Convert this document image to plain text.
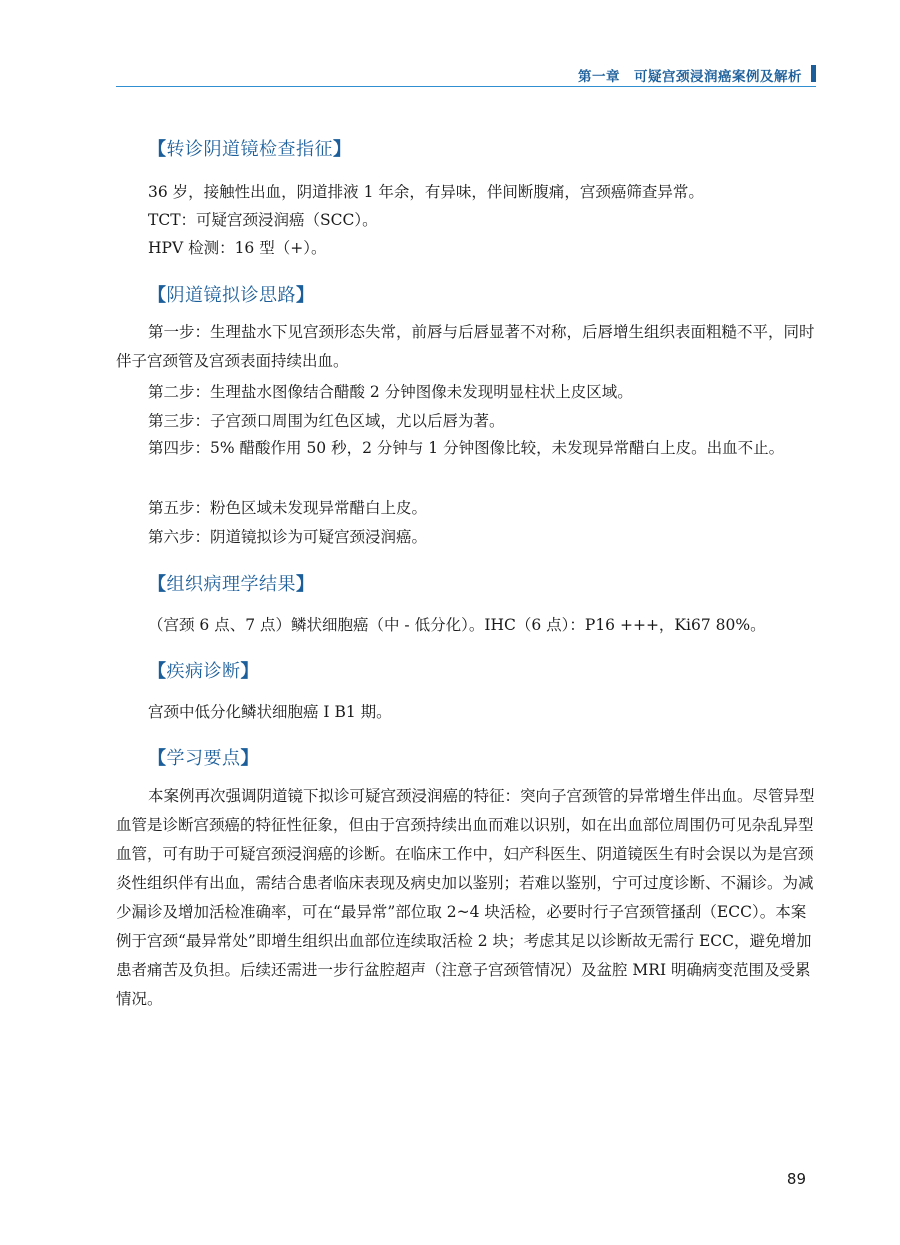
第一章　可疑宫颈浸润癌案例及解析
【转诊阴道镜检查指征】
36 岁，接触性出血，阴道排液 1 年余，有异味，伴间断腹痛，宫颈癌筛查异常。
TCT：可疑宫颈浸润癌（SCC）。
HPV 检测：16 型（+）。
【阴道镜拟诊思路】

第一步：生理盐水下见宫颈形态失常，前唇与后唇显著不对称，后唇增生组织表面粗糙不平，同时伴子宫颈管及宫颈表面持续出血。

第二步：生理盐水图像结合醋酸 2 分钟图像未发现明显柱状上皮区域。
第三步：子宫颈口周围为红色区域，尤以后唇为著。

第四步：5% 醋酸作用 50 秒，2 分钟与 1 分钟图像比较，未发现异常醋白上皮。出血不止。

第五步：粉色区域未发现异常醋白上皮。
第六步：阴道镜拟诊为可疑宫颈浸润癌。
【组织病理学结果】
（宫颈 6 点、7 点）鳞状细胞癌（中 - 低分化）。IHC（6 点）：P16 +++，Ki67 80%。
【疾病诊断】
宫颈中低分化鳞状细胞癌 Ⅰ B1 期。
【学习要点】

本案例再次强调阴道镜下拟诊可疑宫颈浸润癌的特征：突向子宫颈管的异常增生伴出血。尽管异型血管是诊断宫颈癌的特征性征象，但由于宫颈持续出血而难以识别，如在出血部位周围仍可见杂乱异型血管，可有助于可疑宫颈浸润癌的诊断。在临床工作中，妇产科医生、阴道镜医生有时会误以为是宫颈炎性组织伴有出血，需结合患者临床表现及病史加以鉴别；若难以鉴别，宁可过度诊断、不漏诊。为减少漏诊及增加活检准确率，可在“最异常”部位取 2~4 块活检，必要时行子宫颈管搔刮（ECC）。本案例于宫颈“最异常处”即增生组织出血部位连续取活检 2 块；考虑其足以诊断故无需行 ECC，避免增加患者痛苦及负担。后续还需进一步行盆腔超声（注意子宫颈管情况）及盆腔 MRI 明确病变范围及受累情况。

89
